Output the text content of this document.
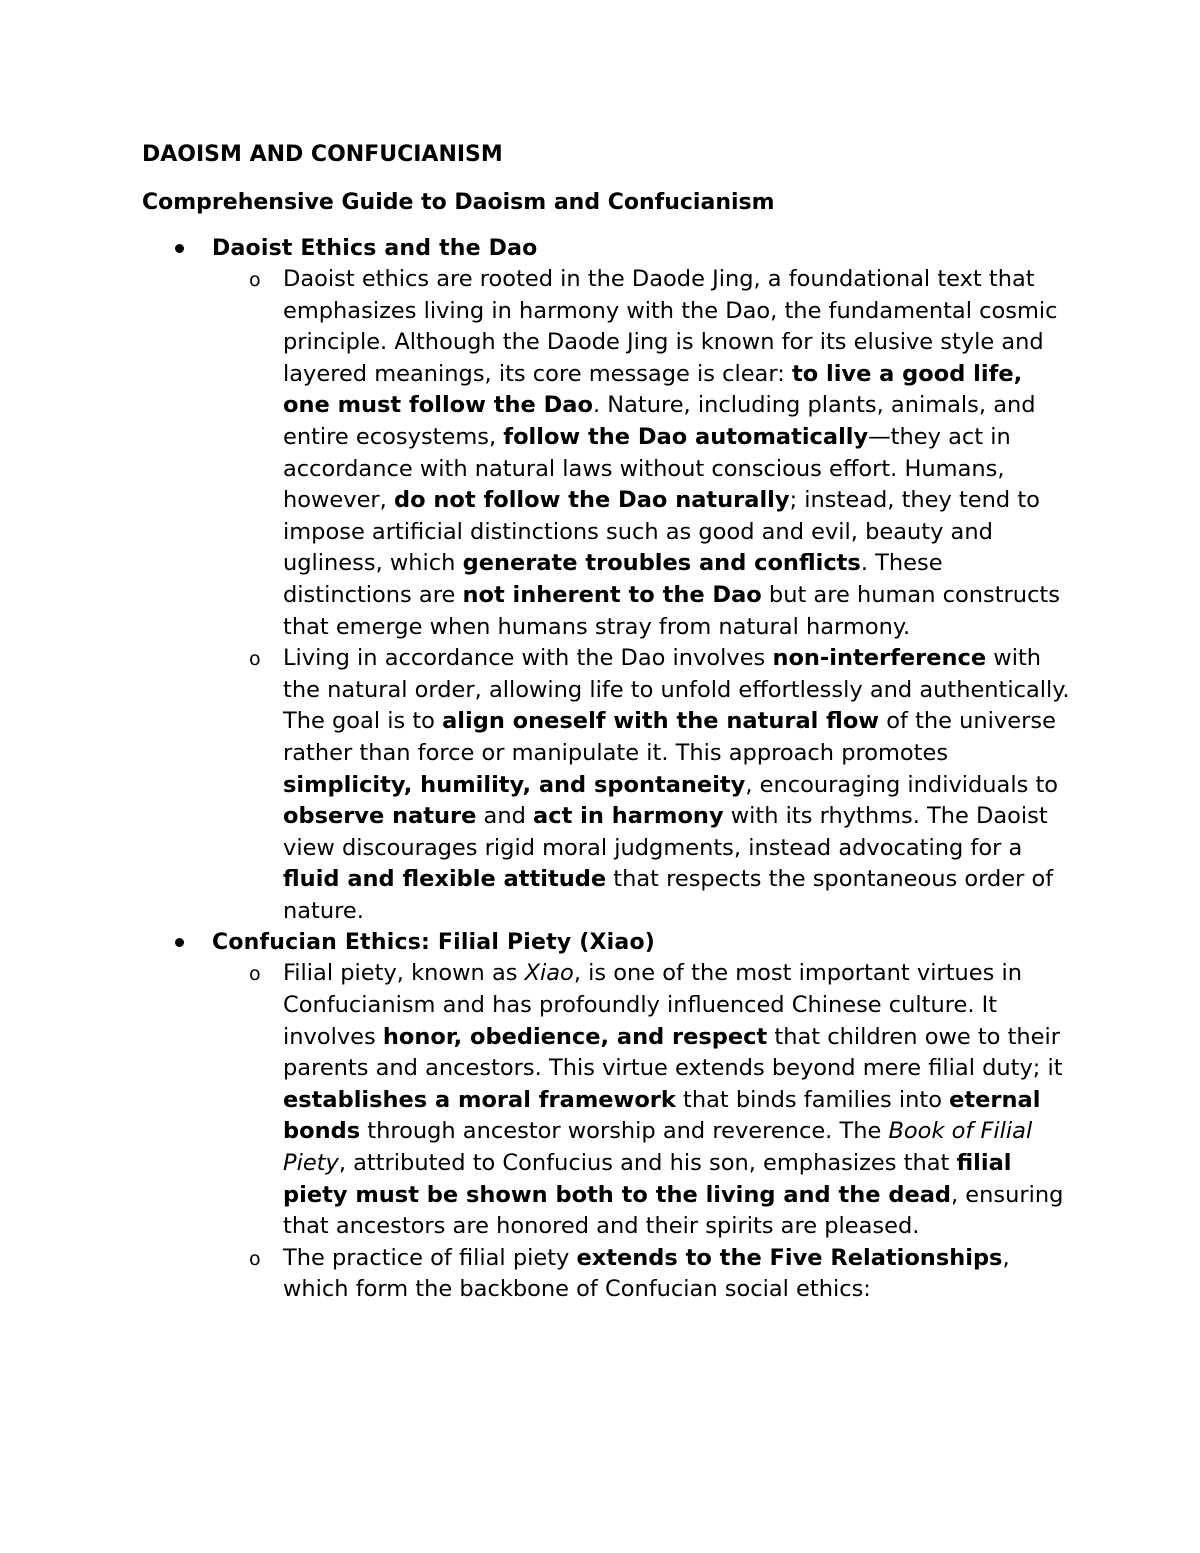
DAOISM AND CONFUCIANISM
Comprehensive Guide to Daoism and Confucianism
Daoist Ethics and the Dao
o Daoist ethics are rooted in the Daode Jing, a foundational text that emphasizes living in harmony with the Dao, the fundamental cosmic principle. Although the Daode Jing is known for its elusive style and layered meanings, its core message is clear: to live a good life, one must follow the Dao. Nature, including plants, animals, and entire ecosystems, follow the Dao automatically—they act in accordance with natural laws without conscious effort. Humans, however, do not follow the Dao naturally; instead, they tend to impose artificial distinctions such as good and evil, beauty and ugliness, which generate troubles and conflicts. These distinctions are not inherent to the Dao but are human constructs that emerge when humans stray from natural harmony.
o Living in accordance with the Dao involves non-interference with the natural order, allowing life to unfold effortlessly and authentically. The goal is to align oneself with the natural flow of the universe rather than force or manipulate it. This approach promotes simplicity, humility, and spontaneity, encouraging individuals to observe nature and act in harmony with its rhythms. The Daoist view discourages rigid moral judgments, instead advocating for a fluid and flexible attitude that respects the spontaneous order of nature.
Confucian Ethics: Filial Piety (Xiao)
o Filial piety, known as Xiao, is one of the most important virtues in Confucianism and has profoundly influenced Chinese culture. It involves honor, obedience, and respect that children owe to their parents and ancestors. This virtue extends beyond mere filial duty; it establishes a moral framework that binds families into eternal bonds through ancestor worship and reverence. The Book of Filial Piety, attributed to Confucius and his son, emphasizes that filial piety must be shown both to the living and the dead, ensuring that ancestors are honored and their spirits are pleased.
o The practice of filial piety extends to the Five Relationships, which form the backbone of Confucian social ethics:
